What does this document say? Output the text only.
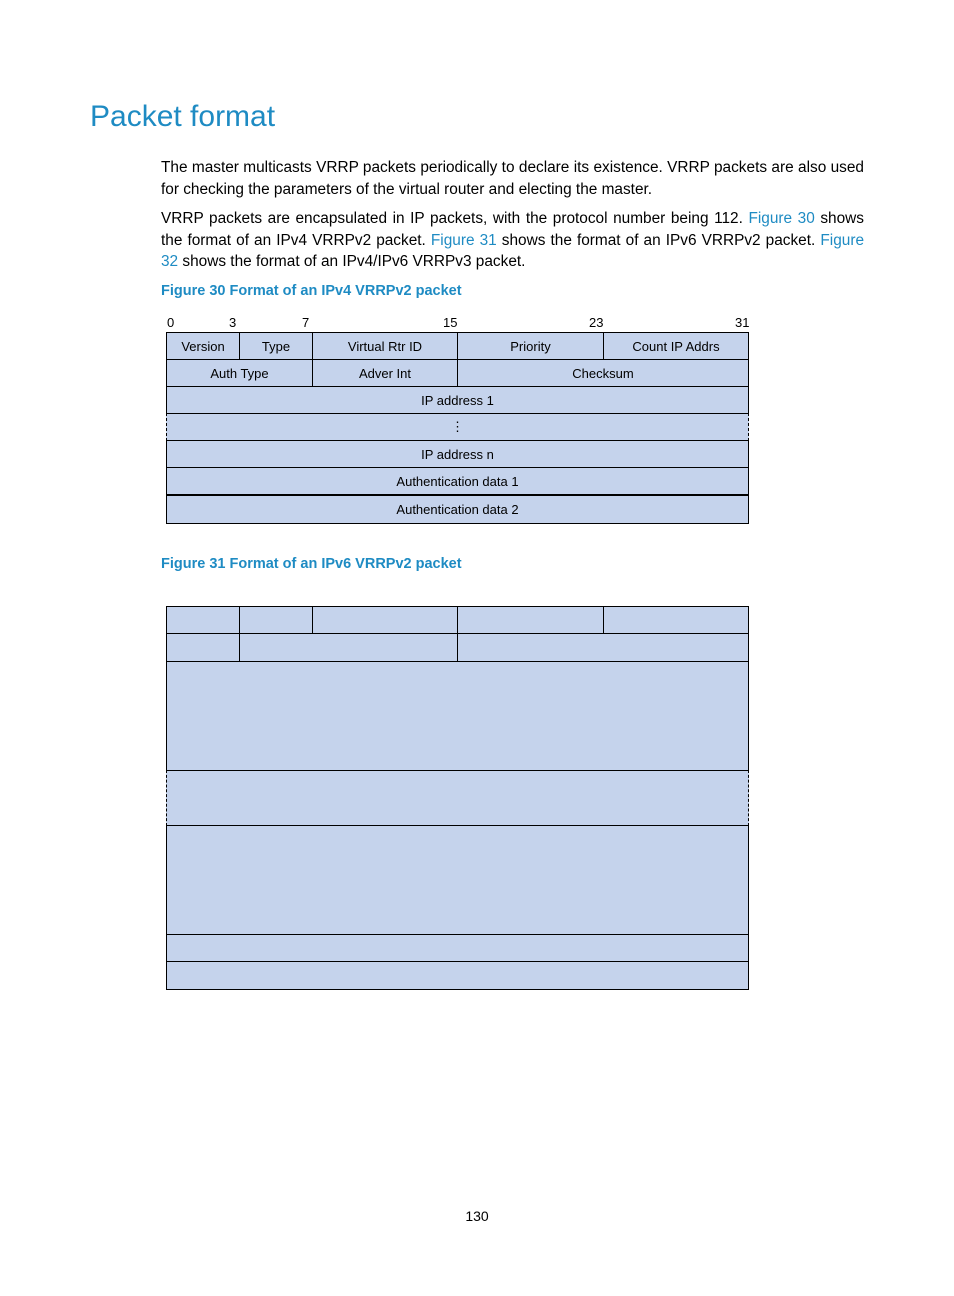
Packet format

The master multicasts VRRP packets periodically to declare its existence. VRRP packets are also used for checking the parameters of the virtual router and electing the master.

VRRP packets are encapsulated in IP packets, with the protocol number being 112. Figure 30 shows the format of an IPv4 VRRPv2 packet. Figure 31 shows the format of an IPv6 VRRPv2 packet. Figure 32 shows the format of an IPv4/IPv6 VRRPv3 packet.

Figure 30 Format of an IPv4 VRRPv2 packet

0	3	7	15	23	31
Version	Type	Virtual Rtr ID	Priority	Count IP Addrs
Auth Type	Adver Int	Checksum
IP address 1
⋮
IP address n
Authentication data 1
Authentication data 2

Figure 31 Format of an IPv6 VRRPv2 packet

130
